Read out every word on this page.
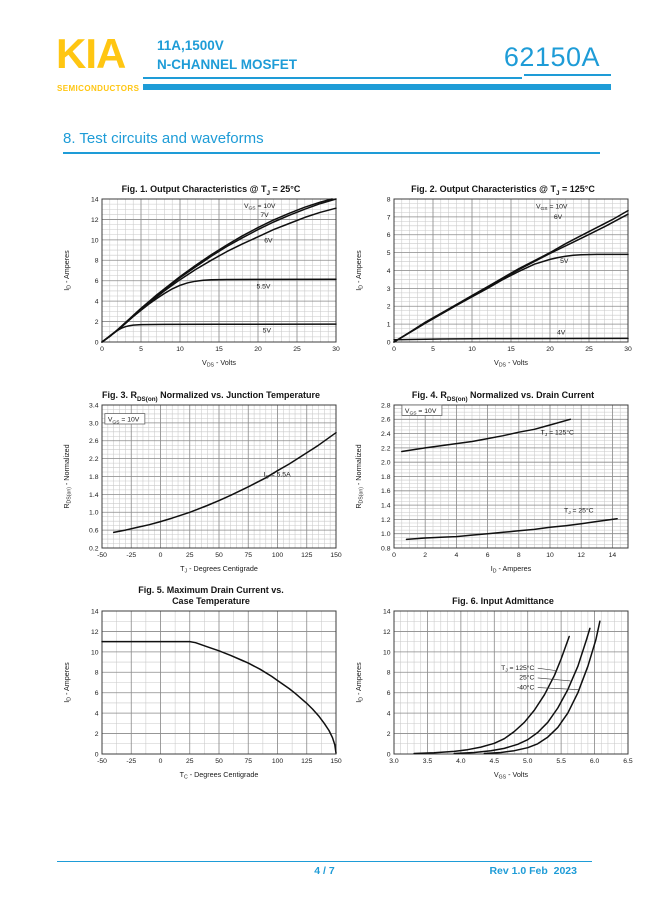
KIA
SEMICONDUCTORS
11A,1500V
N-CHANNEL MOSFET	62150A
8. Test circuits and waveforms
Fig. 1. Output Characteristics @ $T_J = 25^\circ C$
0	5	10	15	20	25	30
0
2
4
6
8
10
12
14
$V_{DS}$ - Volts
$I_D$ - Amperes
$V_{GS} = 10V$
7V
6V
5.5V
5V
Fig. 2. Output Characteristics @ $T_J = 125^\circ C$
0	5	10	15	20	25	30
0
1
2
3
4
5
6
7
8
$V_{DS}$ - Volts
$I_D$ - Amperes
$V_{GS} = 10V$
6V
5V
4V
Fig. 3. $R_{DS(on)}$ Normalized vs. Junction Temperature
-50	-25	0	25	50	75	100	125	150
0.2
0.6
1.0
1.4
1.8
2.2
2.6
3.0
3.4
$T_J$ - Degrees Centigrade
$R_{DS(on)}$ - Normalized
$V_{GS} = 10V$
$I_D = 5.5A$
Fig. 4. $R_{DS(on)}$ Normalized vs. Drain Current
0	2	4	6	8	10	12	14
0.8
1.0
1.2
1.4
1.6
1.8
2.0
2.2
2.4
2.6
2.8
$I_D$ - Amperes
$R_{DS(on)}$ - Normalized
$V_{GS} = 10V$
$T_J = 125^\circ C$
$T_J = 25^\circ C$
Fig. 5. Maximum Drain Current vs.
Case Temperature
-50	-25	0	25	50	75	100	125	150
0
2
4
6
8
10
12
14
$T_C$ - Degrees Centigrade
$I_D$ - Amperes
Fig. 6. Input Admittance
3.0	3.5	4.0	4.5	5.0	5.5	6.0	6.5
0
2
4
6
8
10
12
14
$V_{GS}$ - Volts
$I_D$ - Amperes	$T_J = 125^\circ C$
25°C
-40°C
4 / 7	Rev 1.0 Feb  2023
